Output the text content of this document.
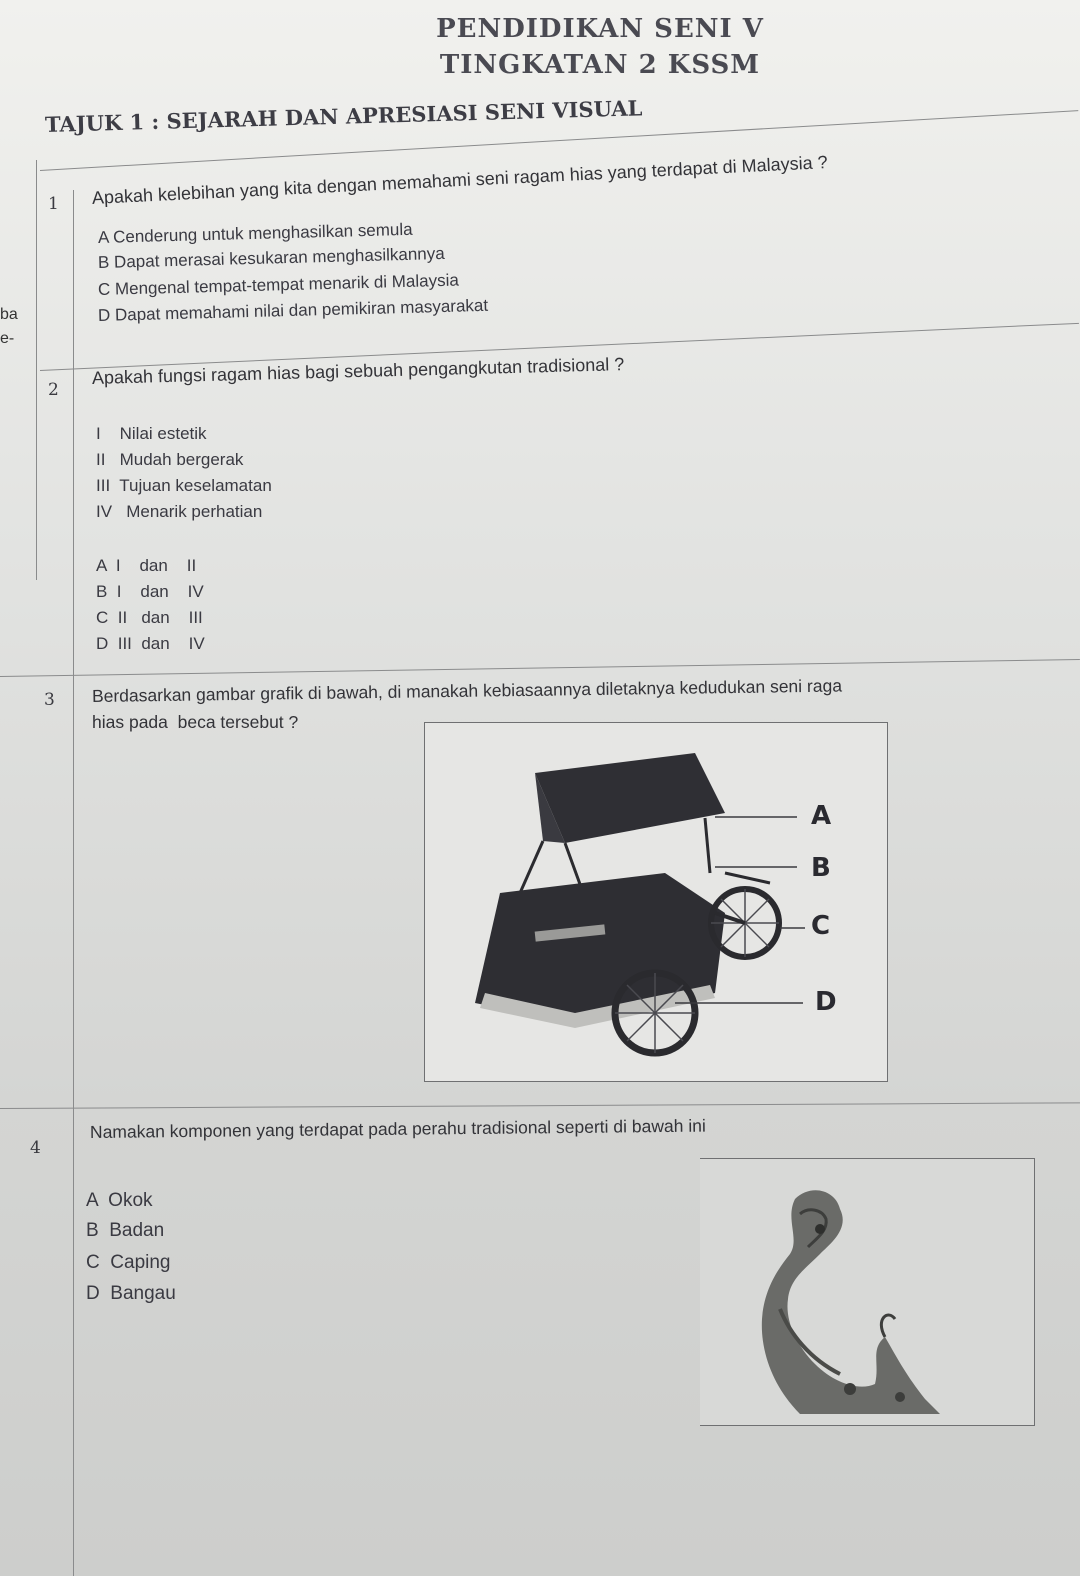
PENDIDIKAN SENI V
TINGKATAN 2 KSSM
TAJUK 1 : SEJARAH DAN APRESIASI SENI VISUAL
ba
e-
1 Apakah kelebihan yang kita dengan memahami seni ragam hias yang terdapat di Malaysia ?
A Cenderung untuk menghasilkan semula
B Dapat merasai kesukaran menghasilkannya
C Mengenal tempat-tempat menarik di Malaysia
D Dapat memahami nilai dan pemikiran masyarakat
2
Apakah fungsi ragam hias bagi sebuah pengangkutan tradisional ?
I    Nilai estetik
II   Mudah bergerak
III  Tujuan keselamatan
IV   Menarik perhatian
A  I    dan    II
B  I    dan    IV
C  II   dan    III
D  III  dan    IV
3 Berdasarkan gambar grafik di bawah, di manakah kebiasaannya diletaknya kedudukan seni raga
hias pada  beca tersebut ?
A
B
C
D
4
Namakan komponen yang terdapat pada perahu tradisional seperti di bawah ini
A  Okok
B  Badan
C  Caping
D  Bangau
